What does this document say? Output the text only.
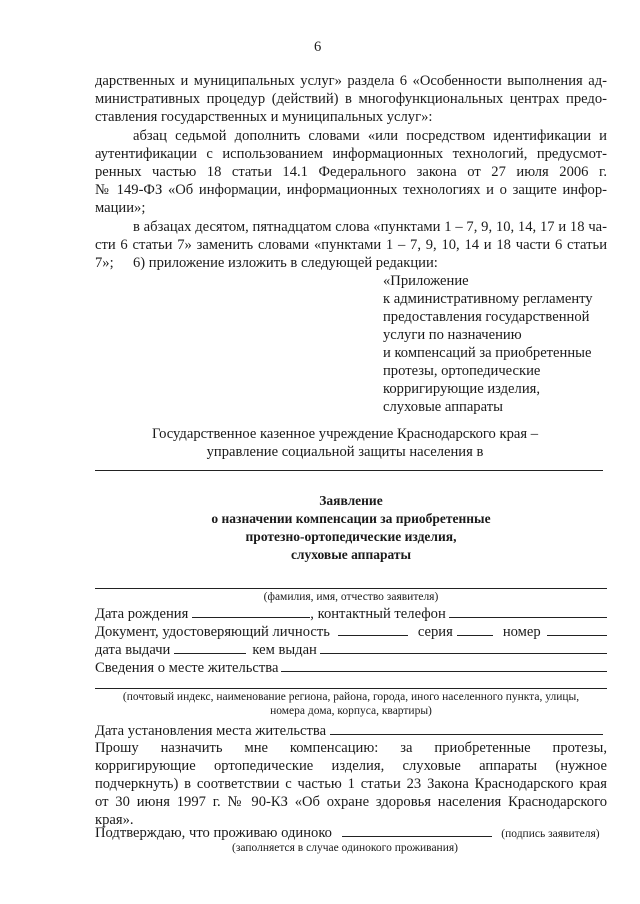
6
дарственных и муниципальных услуг» раздела 6 «Особенности выполнения ад-
министративных процедур (действий) в многофункциональных центрах предо-
ставления государственных и муниципальных услуг»:
абзац седьмой дополнить словами «или посредством идентификации и
аутентификации с использованием информационных технологий, предусмот-
ренных частью 18 статьи 14.1 Федерального закона от 27 июля 2006 г.
№ 149-ФЗ «Об информации, информационных технологиях и о защите инфор-
мации»;
в абзацах десятом, пятнадцатом слова «пунктами 1 – 7, 9, 10, 14, 17 и 18 ча-
сти 6 статьи 7» заменить словами «пунктами 1 – 7, 9, 10, 14 и 18 части 6 статьи 7»;	6) приложение изложить в следующей редакции:
«Приложение
к административному регламенту
предоставления государственной
услуги по назначению
и компенсаций за приобретенные
протезы, ортопедические
корригирующие изделия,
слуховые аппараты
Государственное казенное учреждение Краснодарского края –
управление социальной защиты населения в
Заявление
о назначении компенсации за приобретенные
протезно-ортопедические изделия,
слуховые аппараты
(фамилия, имя, отчество заявителя)
Дата рождения	, контактный телефон
Документ, удостоверяющий личность	серия	номер
дата выдачи	кем выдан
Сведения о месте жительства
(почтовый индекс, наименование региона, района, города, иного населенного пункта, улицы,
номера дома, корпуса, квартиры)
Дата установления места жительства
Прошу назначить мне компенсацию: за приобретенные протезы,
корригирующие ортопедические изделия, слуховые аппараты (нужное
подчеркнуть) в соответствии с частью 1 статьи 23 Закона Краснодарского края
от 30 июня 1997 г. № 90-КЗ «Об охране здоровья населения Краснодарского
края».
Подтверждаю, что проживаю одиноко	(подпись заявителя)
(заполняется в случае одинокого проживания)
